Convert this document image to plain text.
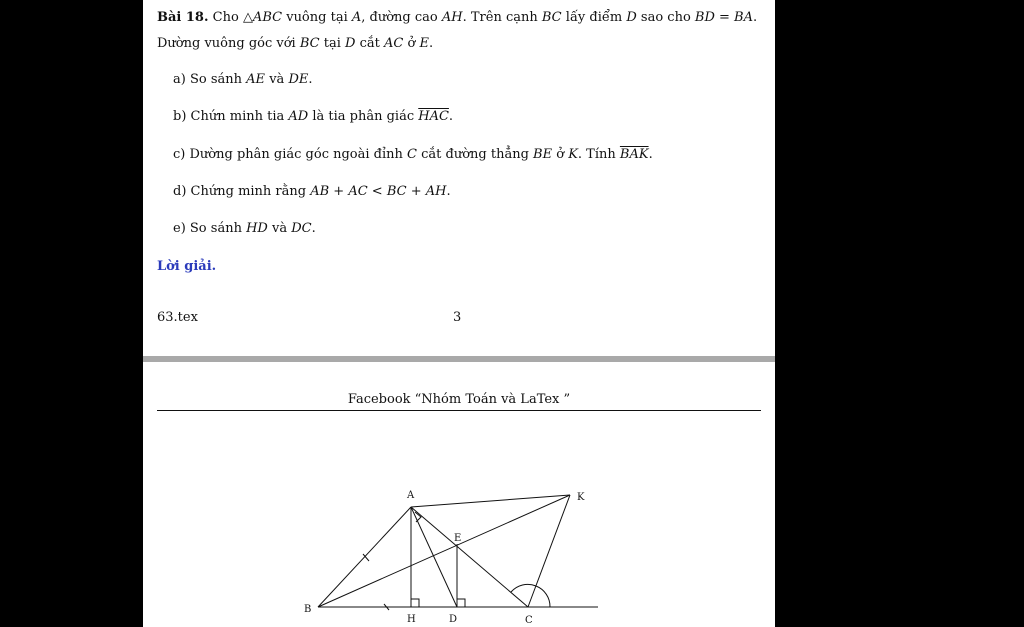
Bài 18. Cho △ABC vuông tại A, đường cao AH. Trên cạnh BC lấy điểm D sao cho BD = BA.
Dường vuông góc với BC tại D cắt AC ở E.
a) So sánh AE và DE.
b) Chứn minh tia AD là tia phân giác $\overline{HAC}$.
c) Dường phân giác góc ngoài đỉnh C cắt đường thẳng BE ở K. Tính $\overline{BAK}$.
d) Chứng minh rằng AB + AC < BC + AH.
e) So sánh HD và DC.
Lời giải.
63.tex	3
Facebook “Nhóm Toán và LaTex ”
A	K
E
B
H	D	C
